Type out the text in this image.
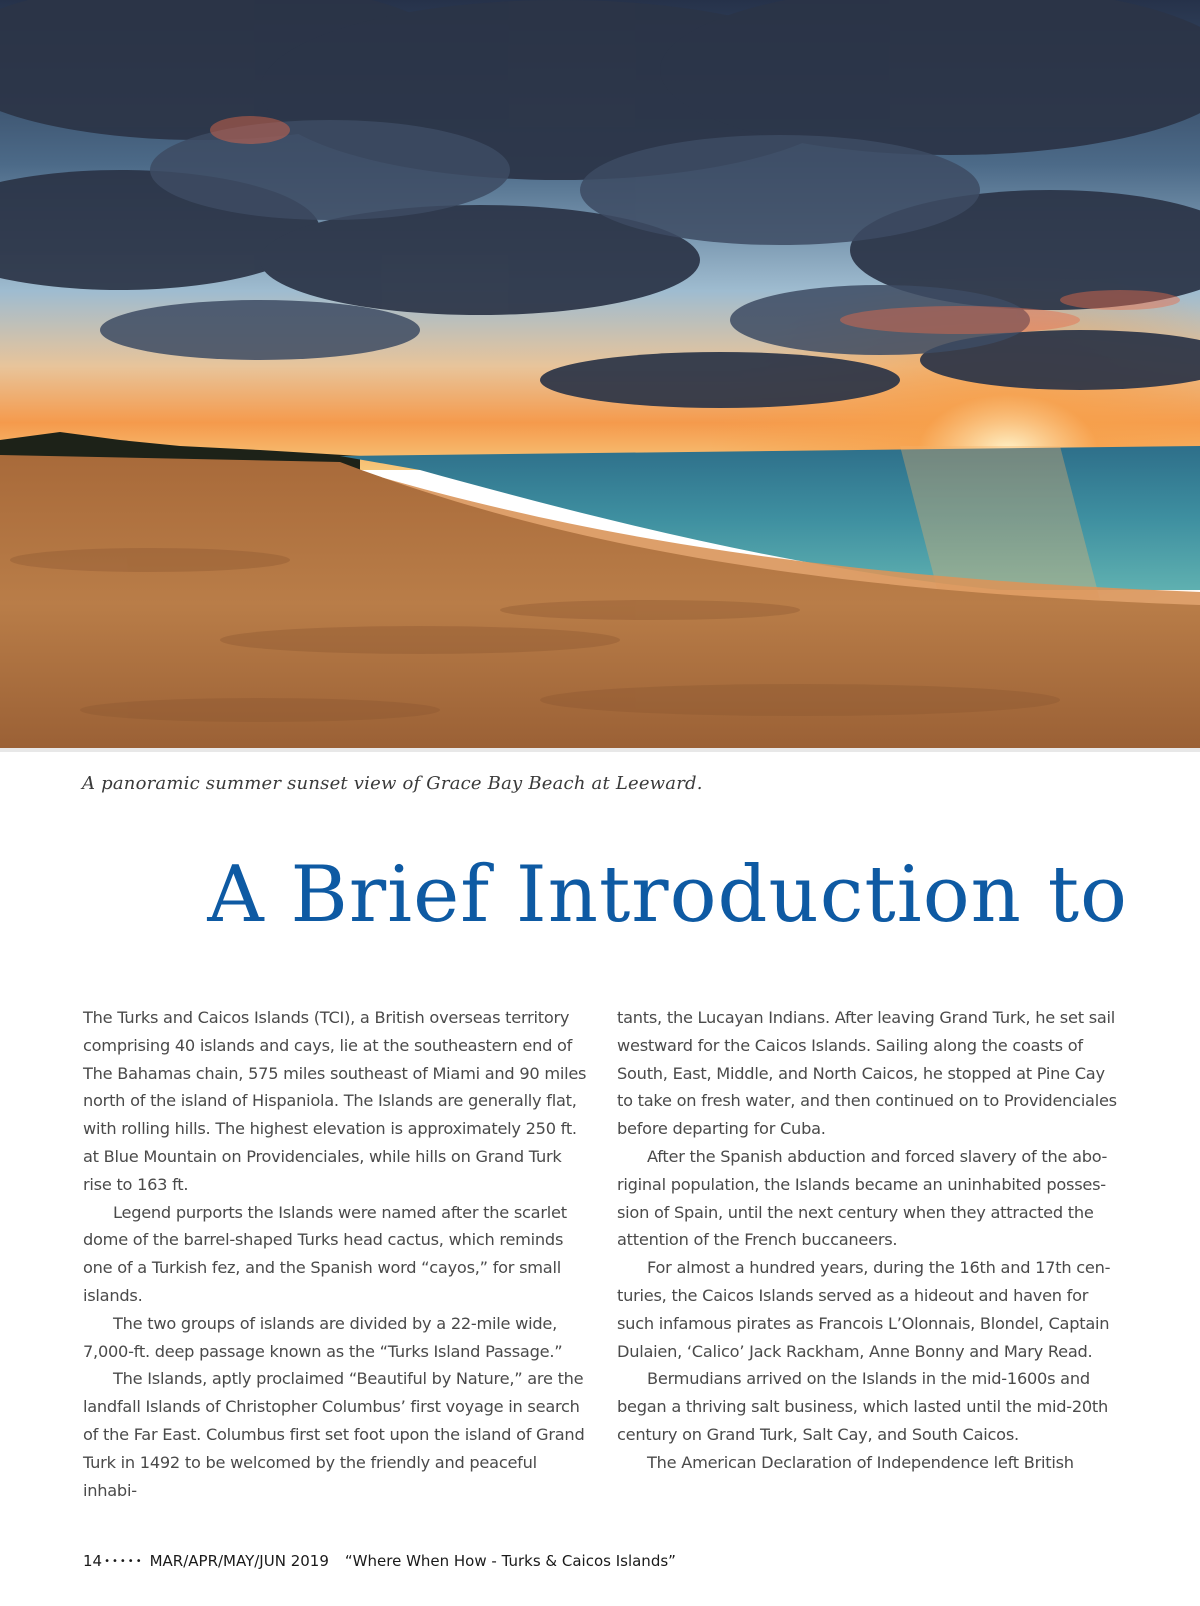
A panoramic summer sunset view of Grace Bay Beach at Leeward.
A Brief Introduction to

The Turks and Caicos Islands (TCI), a British overseas territory comprising 40 islands and cays, lie at the southeastern end of The Bahamas chain, 575 miles southeast of Miami and 90 miles north of the island of Hispaniola. The Islands are generally flat, with rolling hills. The highest elevation is approximately 250 ft. at Blue Mountain on Providenciales, while hills on Grand Turk rise to 163 ft.

Legend purports the Islands were named after the scarlet dome of the barrel-shaped Turks head cactus, which reminds one of a Turkish fez, and the Spanish word “cayos,” for small islands.

The two groups of islands are divided by a 22-mile wide, 7,000-ft. deep passage known as the “Turks Island Passage.”

The Islands, aptly proclaimed “Beautiful by Nature,” are the landfall Islands of Christopher Columbus’ first voyage in search of the Far East. Columbus first set foot upon the island of Grand Turk in 1492 to be welcomed by the friendly and peaceful inhabi-

tants, the Lucayan Indians. After leaving Grand Turk, he set sail westward for the Caicos Islands. Sailing along the coasts of South, East, Middle, and North Caicos, he stopped at Pine Cay to take on fresh water, and then continued on to Providenciales before departing for Cuba.

After the Spanish abduction and forced slavery of the aboriginal population, the Islands became an uninhabited possession of Spain, until the next century when they attracted the attention of the French buccaneers.

For almost a hundred years, during the 16th and 17th centuries, the Caicos Islands served as a hideout and haven for such infamous pirates as Francois L’Olonnais, Blondel, Captain Dulaien, ‘Calico’ Jack Rackham, Anne Bonny and Mary Read.

Bermudians arrived on the Islands in the mid-1600s and began a thriving salt business, which lasted until the mid-20th century on Grand Turk, Salt Cay, and South Caicos.

The American Declaration of Independence left British

14 ••••• MAR/APR/MAY/JUN 2019 “Where When How - Turks & Caicos Islands”
